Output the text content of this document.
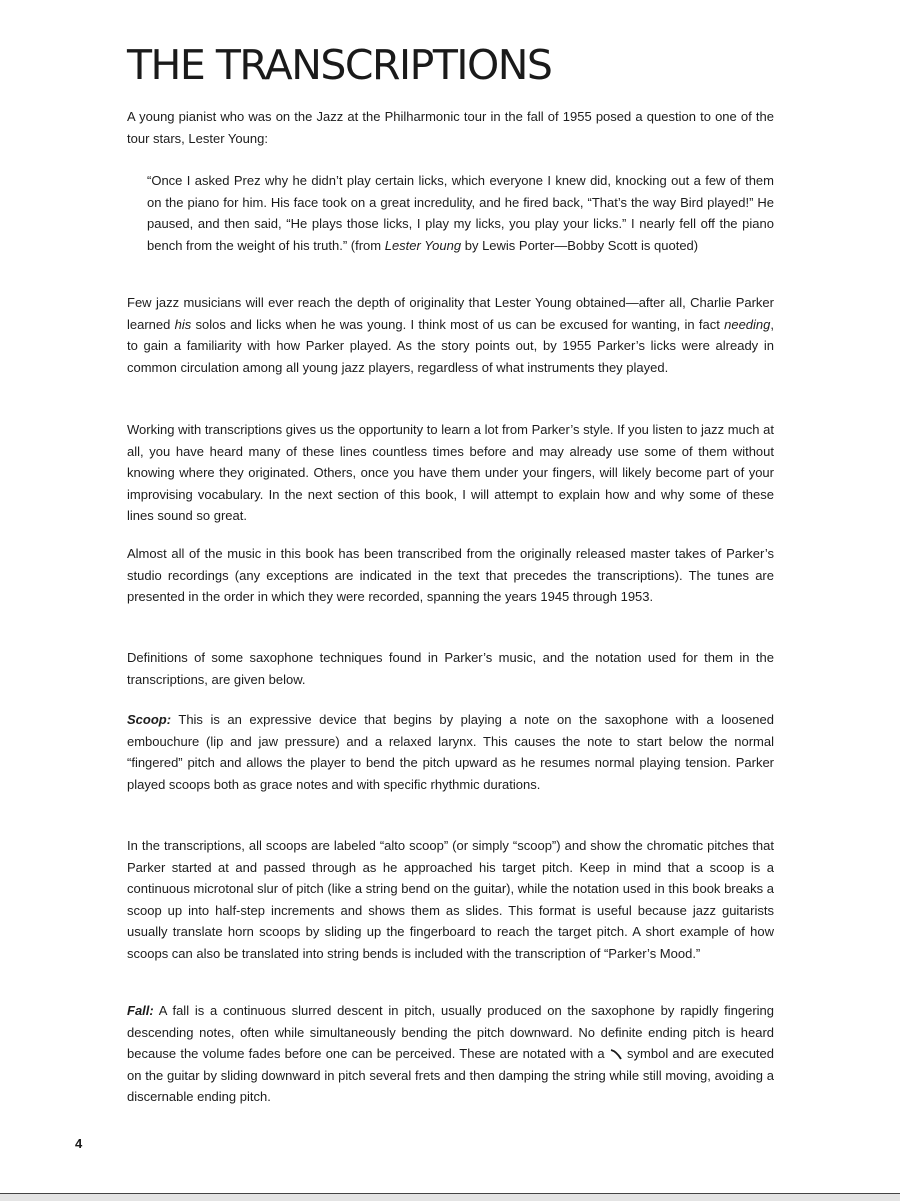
THE TRANSCRIPTIONS

A young pianist who was on the Jazz at the Philharmonic tour in the fall of 1955 posed a question to one of the tour stars, Lester Young:

“Once I asked Prez why he didn’t play certain licks, which everyone I knew did, knocking out a few of them on the piano for him. His face took on a great incredulity, and he fired back, “That’s the way Bird played!” He paused, and then said, “He plays those licks, I play my licks, you play your licks.” I nearly fell off the piano bench from the weight of his truth.” (from Lester Young by Lewis Porter—Bobby Scott is quoted)

Few jazz musicians will ever reach the depth of originality that Lester Young obtained—after all, Charlie Parker learned his solos and licks when he was young. I think most of us can be excused for wanting, in fact needing, to gain a familiarity with how Parker played. As the story points out, by 1955 Parker’s licks were already in common circulation among all young jazz players, regardless of what instruments they played.

Working with transcriptions gives us the opportunity to learn a lot from Parker’s style. If you listen to jazz much at all, you have heard many of these lines countless times before and may already use some of them without knowing where they originated. Others, once you have them under your fingers, will likely become part of your improvising vocabulary. In the next section of this book, I will attempt to explain how and why some of these lines sound so great.

Almost all of the music in this book has been transcribed from the originally released master takes of Parker’s studio recordings (any exceptions are indicated in the text that precedes the transcriptions). The tunes are presented in the order in which they were recorded, spanning the years 1945 through 1953.

Definitions of some saxophone techniques found in Parker’s music, and the notation used for them in the transcriptions, are given below.

Scoop: This is an expressive device that begins by playing a note on the saxophone with a loosened embouchure (lip and jaw pressure) and a relaxed larynx. This causes the note to start below the normal “fingered” pitch and allows the player to bend the pitch upward as he resumes normal playing tension. Parker played scoops both as grace notes and with specific rhythmic durations.

In the transcriptions, all scoops are labeled “alto scoop” (or simply “scoop”) and show the chromatic pitches that Parker started at and passed through as he approached his target pitch. Keep in mind that a scoop is a continuous microtonal slur of pitch (like a string bend on the guitar), while the notation used in this book breaks a scoop up into half-step increments and shows them as slides. This format is useful because jazz guitarists usually translate horn scoops by sliding up the fingerboard to reach the target pitch. A short example of how scoops can also be translated into string bends is included with the transcription of “Parker’s Mood.”

Fall: A fall is a continuous slurred descent in pitch, usually produced on the saxophone by rapidly fingering descending notes, often while simultaneously bending the pitch downward. No definite ending pitch is heard because the volume fades before one can be perceived. These are notated with a  symbol and are executed on the guitar by sliding downward in pitch several frets and then damping the string while still moving, avoiding a discernable ending pitch.

4
